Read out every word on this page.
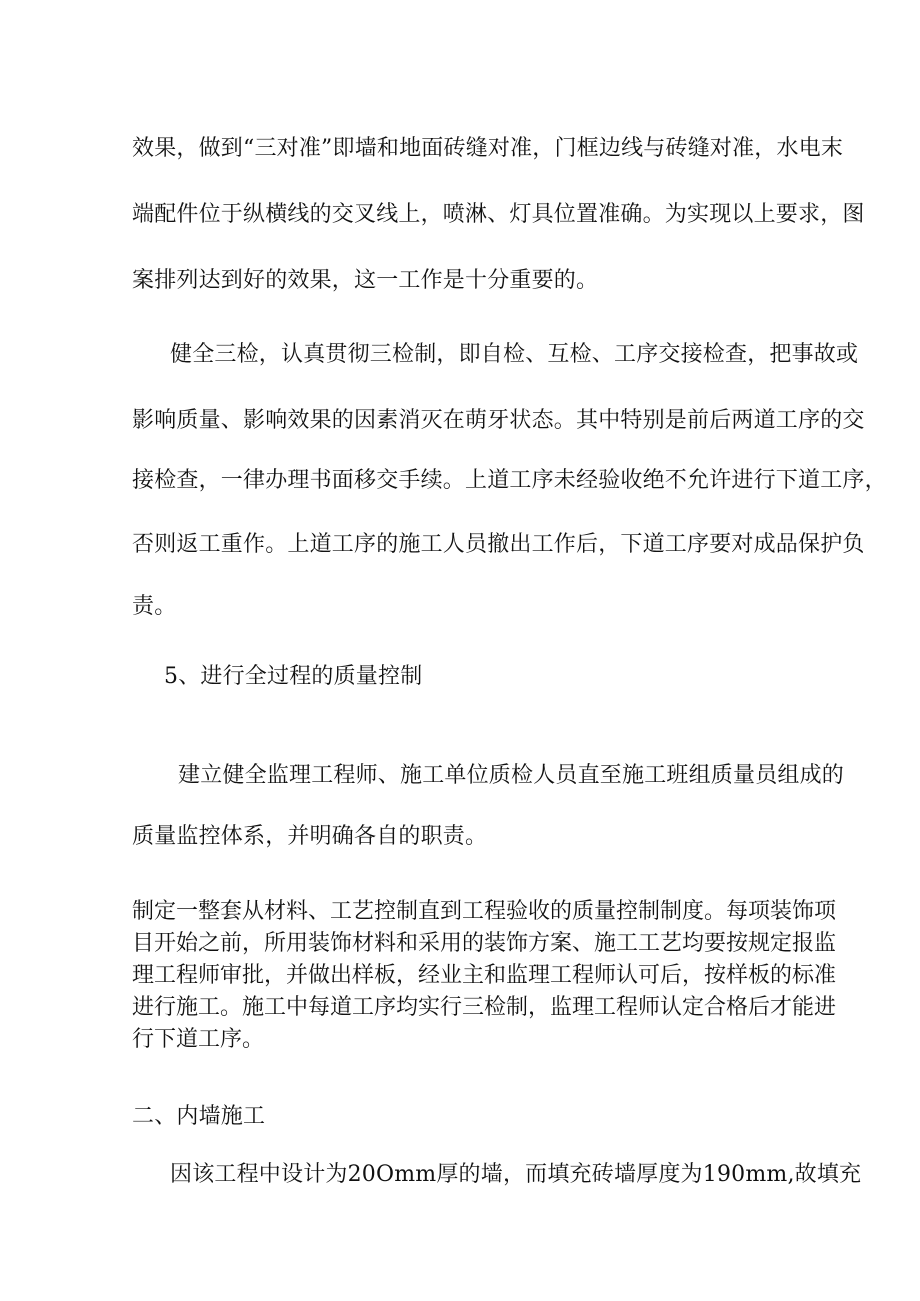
效果，做到“三对准”即墙和地面砖缝对准，门框边线与砖缝对准，水电末
端配件位于纵横线的交叉线上，喷淋、灯具位置准确。为实现以上要求，图
案排列达到好的效果，这一工作是十分重要的。
健全三检，认真贯彻三检制，即自检、互检、工序交接检查，把事故或
影响质量、影响效果的因素消灭在萌牙状态。其中特别是前后两道工序的交
接检查，一律办理书面移交手续。上道工序未经验收绝不允许进行下道工序，
否则返工重作。上道工序的施工人员撤出工作后，下道工序要对成品保护负
责。
5、进行全过程的质量控制
建立健全监理工程师、施工单位质检人员直至施工班组质量员组成的
质量监控体系，并明确各自的职责。
制定一整套从材料、工艺控制直到工程验收的质量控制制度。每项装饰项
目开始之前，所用装饰材料和采用的装饰方案、施工工艺均要按规定报监
理工程师审批，并做出样板，经业主和监理工程师认可后，按样板的标准
进行施工。施工中每道工序均实行三检制，监理工程师认定合格后才能进
行下道工序。
二、内墙施工
因该工程中设计为20Omm厚的墙，而填充砖墙厚度为190mm,故填充
